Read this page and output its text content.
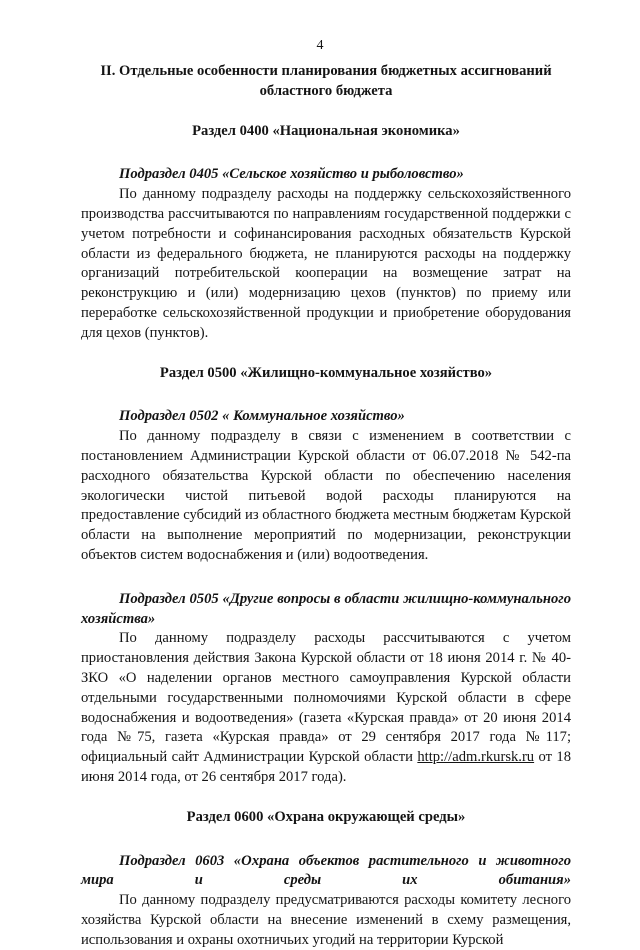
4

II. Отдельные особенности планирования бюджетных ассигнований областного бюджета

Раздел 0400 «Национальная экономика»

Подраздел 0405 «Сельское хозяйство и рыболовство»

По данному подразделу расходы на поддержку сельскохозяйственного производства рассчитываются по направлениям государственной поддержки с учетом потребности и софинансирования расходных обязательств Курской области из федерального бюджета, не планируются расходы на поддержку организаций потребительской кооперации на возмещение затрат на реконструкцию и (или) модернизацию цехов (пунктов) по приему или переработке сельскохозяйственной продукции и приобретение оборудования для цехов (пунктов).

Раздел 0500 «Жилищно-коммунальное хозяйство»

Подраздел 0502 « Коммунальное хозяйство»

По данному подразделу в связи с изменением в соответствии с постановлением Администрации Курской области от 06.07.2018 № 542-па расходного обязательства Курской области по обеспечению населения экологически чистой питьевой водой расходы планируются на предоставление субсидий из областного бюджета местным бюджетам Курской области на выполнение мероприятий по модернизации, реконструкции объектов систем водоснабжения и (или) водоотведения.

Подраздел 0505 «Другие вопросы в области жилищно-коммунального хозяйства»

По данному подразделу расходы рассчитываются с учетом приостановления действия Закона Курской области от 18 июня 2014 г. № 40-ЗКО «О наделении органов местного самоуправления Курской области отдельными государственными полномочиями Курской области в сфере водоснабжения и водоотведения» (газета «Курская правда» от 20 июня 2014 года №75, газета «Курская правда» от 29 сентября 2017 года №117; официальный сайт Администрации Курской области http://adm.rkursk.ru от 18 июня 2014 года, от 26 сентября 2017 года).

Раздел 0600 «Охрана окружающей среды»

Подраздел 0603 «Охрана объектов растительного и животного мира и среды их обитания»

По данному подразделу предусматриваются расходы комитету лесного хозяйства Курской области на внесение изменений в схему размещения, использования и охраны охотничьих угодий на территории Курской
